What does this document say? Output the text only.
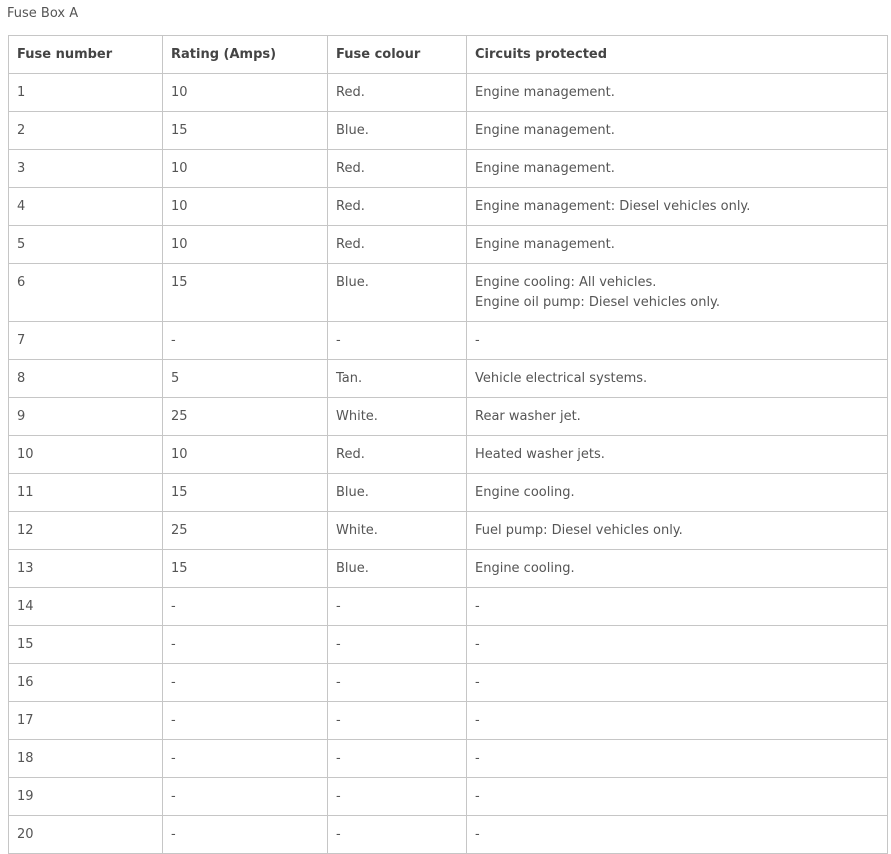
Fuse Box A
Fuse number	Rating (Amps)	Fuse colour	Circuits protected
1	10	Red.	Engine management.

2	15	Blue.	Engine management.

3	10	Red.	Engine management.

4	10	Red.	Engine management: Diesel vehicles only.

5	10	Red.	Engine management.

6	15	Blue.	Engine cooling: All vehicles.
Engine oil pump: Diesel vehicles only.

7	-	-	-

8	5	Tan.	Vehicle electrical systems.

9	25	White.	Rear washer jet.

10	10	Red.	Heated washer jets.

11	15	Blue.	Engine cooling.

12	25	White.	Fuel pump: Diesel vehicles only.

13	15	Blue.	Engine cooling.

14	-	-	-

15	-	-	-

16	-	-	-

17	-	-	-

18	-	-	-

19	-	-	-

20	-	-	-
